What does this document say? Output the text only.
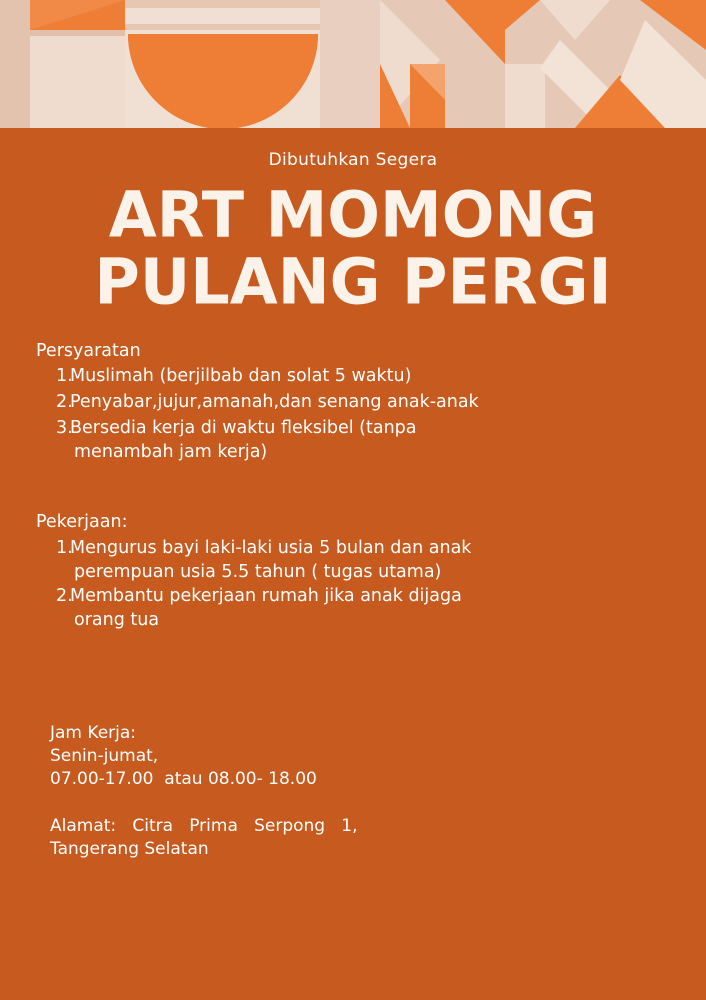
Dibutuhkan Segera
ART MOMONG
PULANG PERGI
Persyaratan
1.Muslimah (berjilbab dan solat 5 waktu)
2.Penyabar,jujur,amanah,dan senang anak-anak
3.Bersedia kerja di waktu fleksibel (tanpa
menambah jam kerja)
Pekerjaan:
1.Mengurus bayi laki-laki usia 5 bulan dan anak
perempuan usia 5.5 tahun ( tugas utama)
2.Membantu pekerjaan rumah jika anak dijaga
orang tua
Jam Kerja:
Senin-jumat,
07.00-17.00  atau 08.00- 18.00
Alamat:   Citra   Prima   Serpong   1,
Tangerang Selatan
